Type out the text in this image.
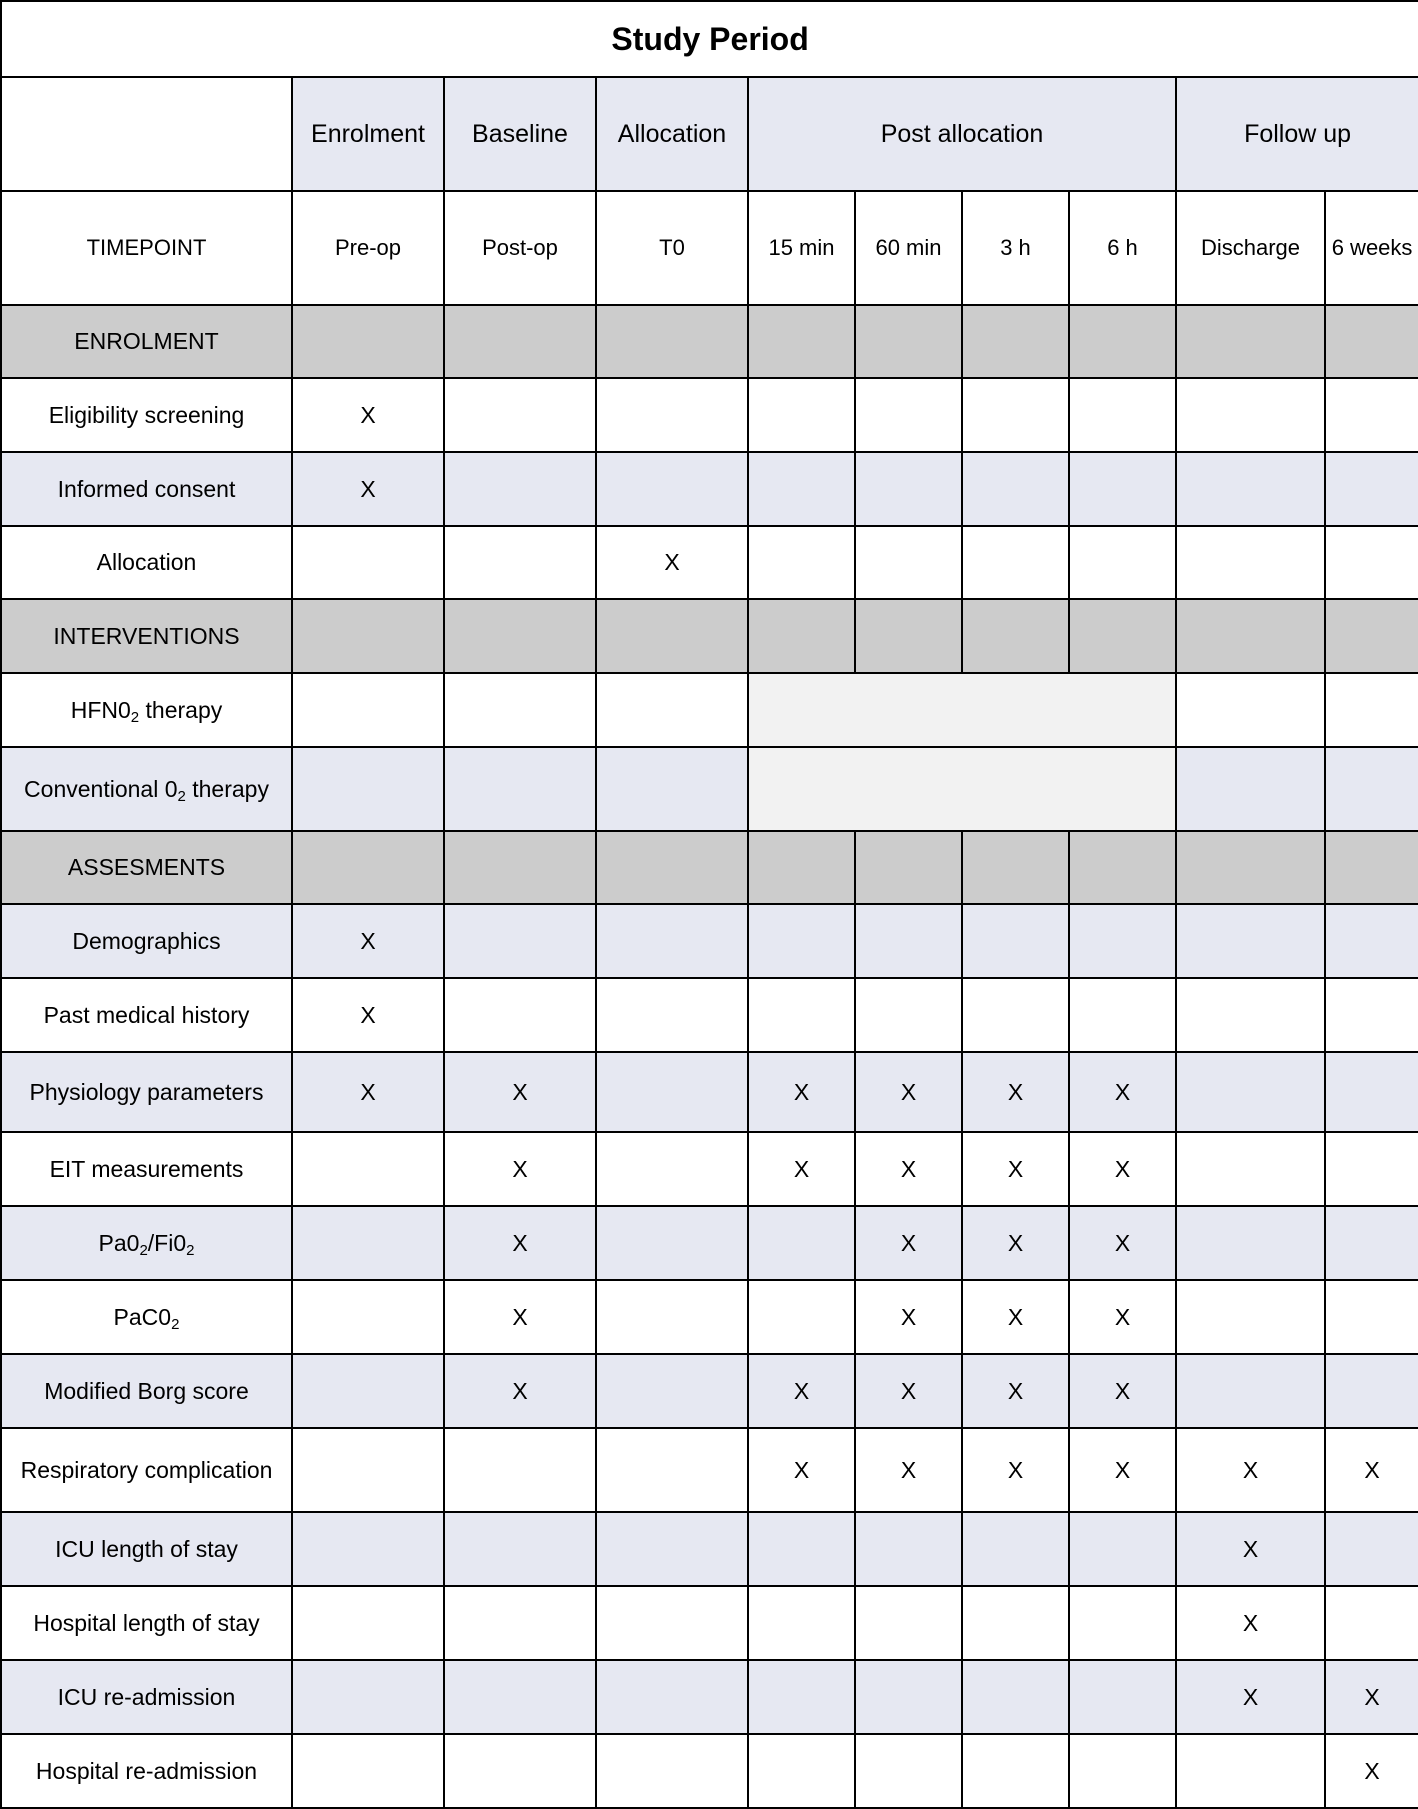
Study Period									
	Enrolment	Baseline	Allocation	Post allocation				Follow up	
TIMEPOINT	Pre-op	Post-op	T0	15 min	60 min	3 h	6 h	Discharge	6 weeks
ENROLMENT									
Eligibility screening	X								
Informed consent	X								
Allocation			X						
INTERVENTIONS									
$HFN0_2$ therapy									
Conventional $0_2$ therapy									
ASSESMENTS									
Demographics	X								
Past medical history	X								
Physiology parameters	X	X		X	X	X	X		
EIT measurements		X		X	X	X	X		
$Pa0_2/Fi0_2$		X			X	X	X		
$PaC0_2$		X			X	X	X		
Modified Borg score		X		X	X	X	X		
Respiratory complication				X	X	X	X	X	X
ICU length of stay								X	
Hospital length of stay								X	
ICU re-admission								X	X
Hospital re-admission									X
